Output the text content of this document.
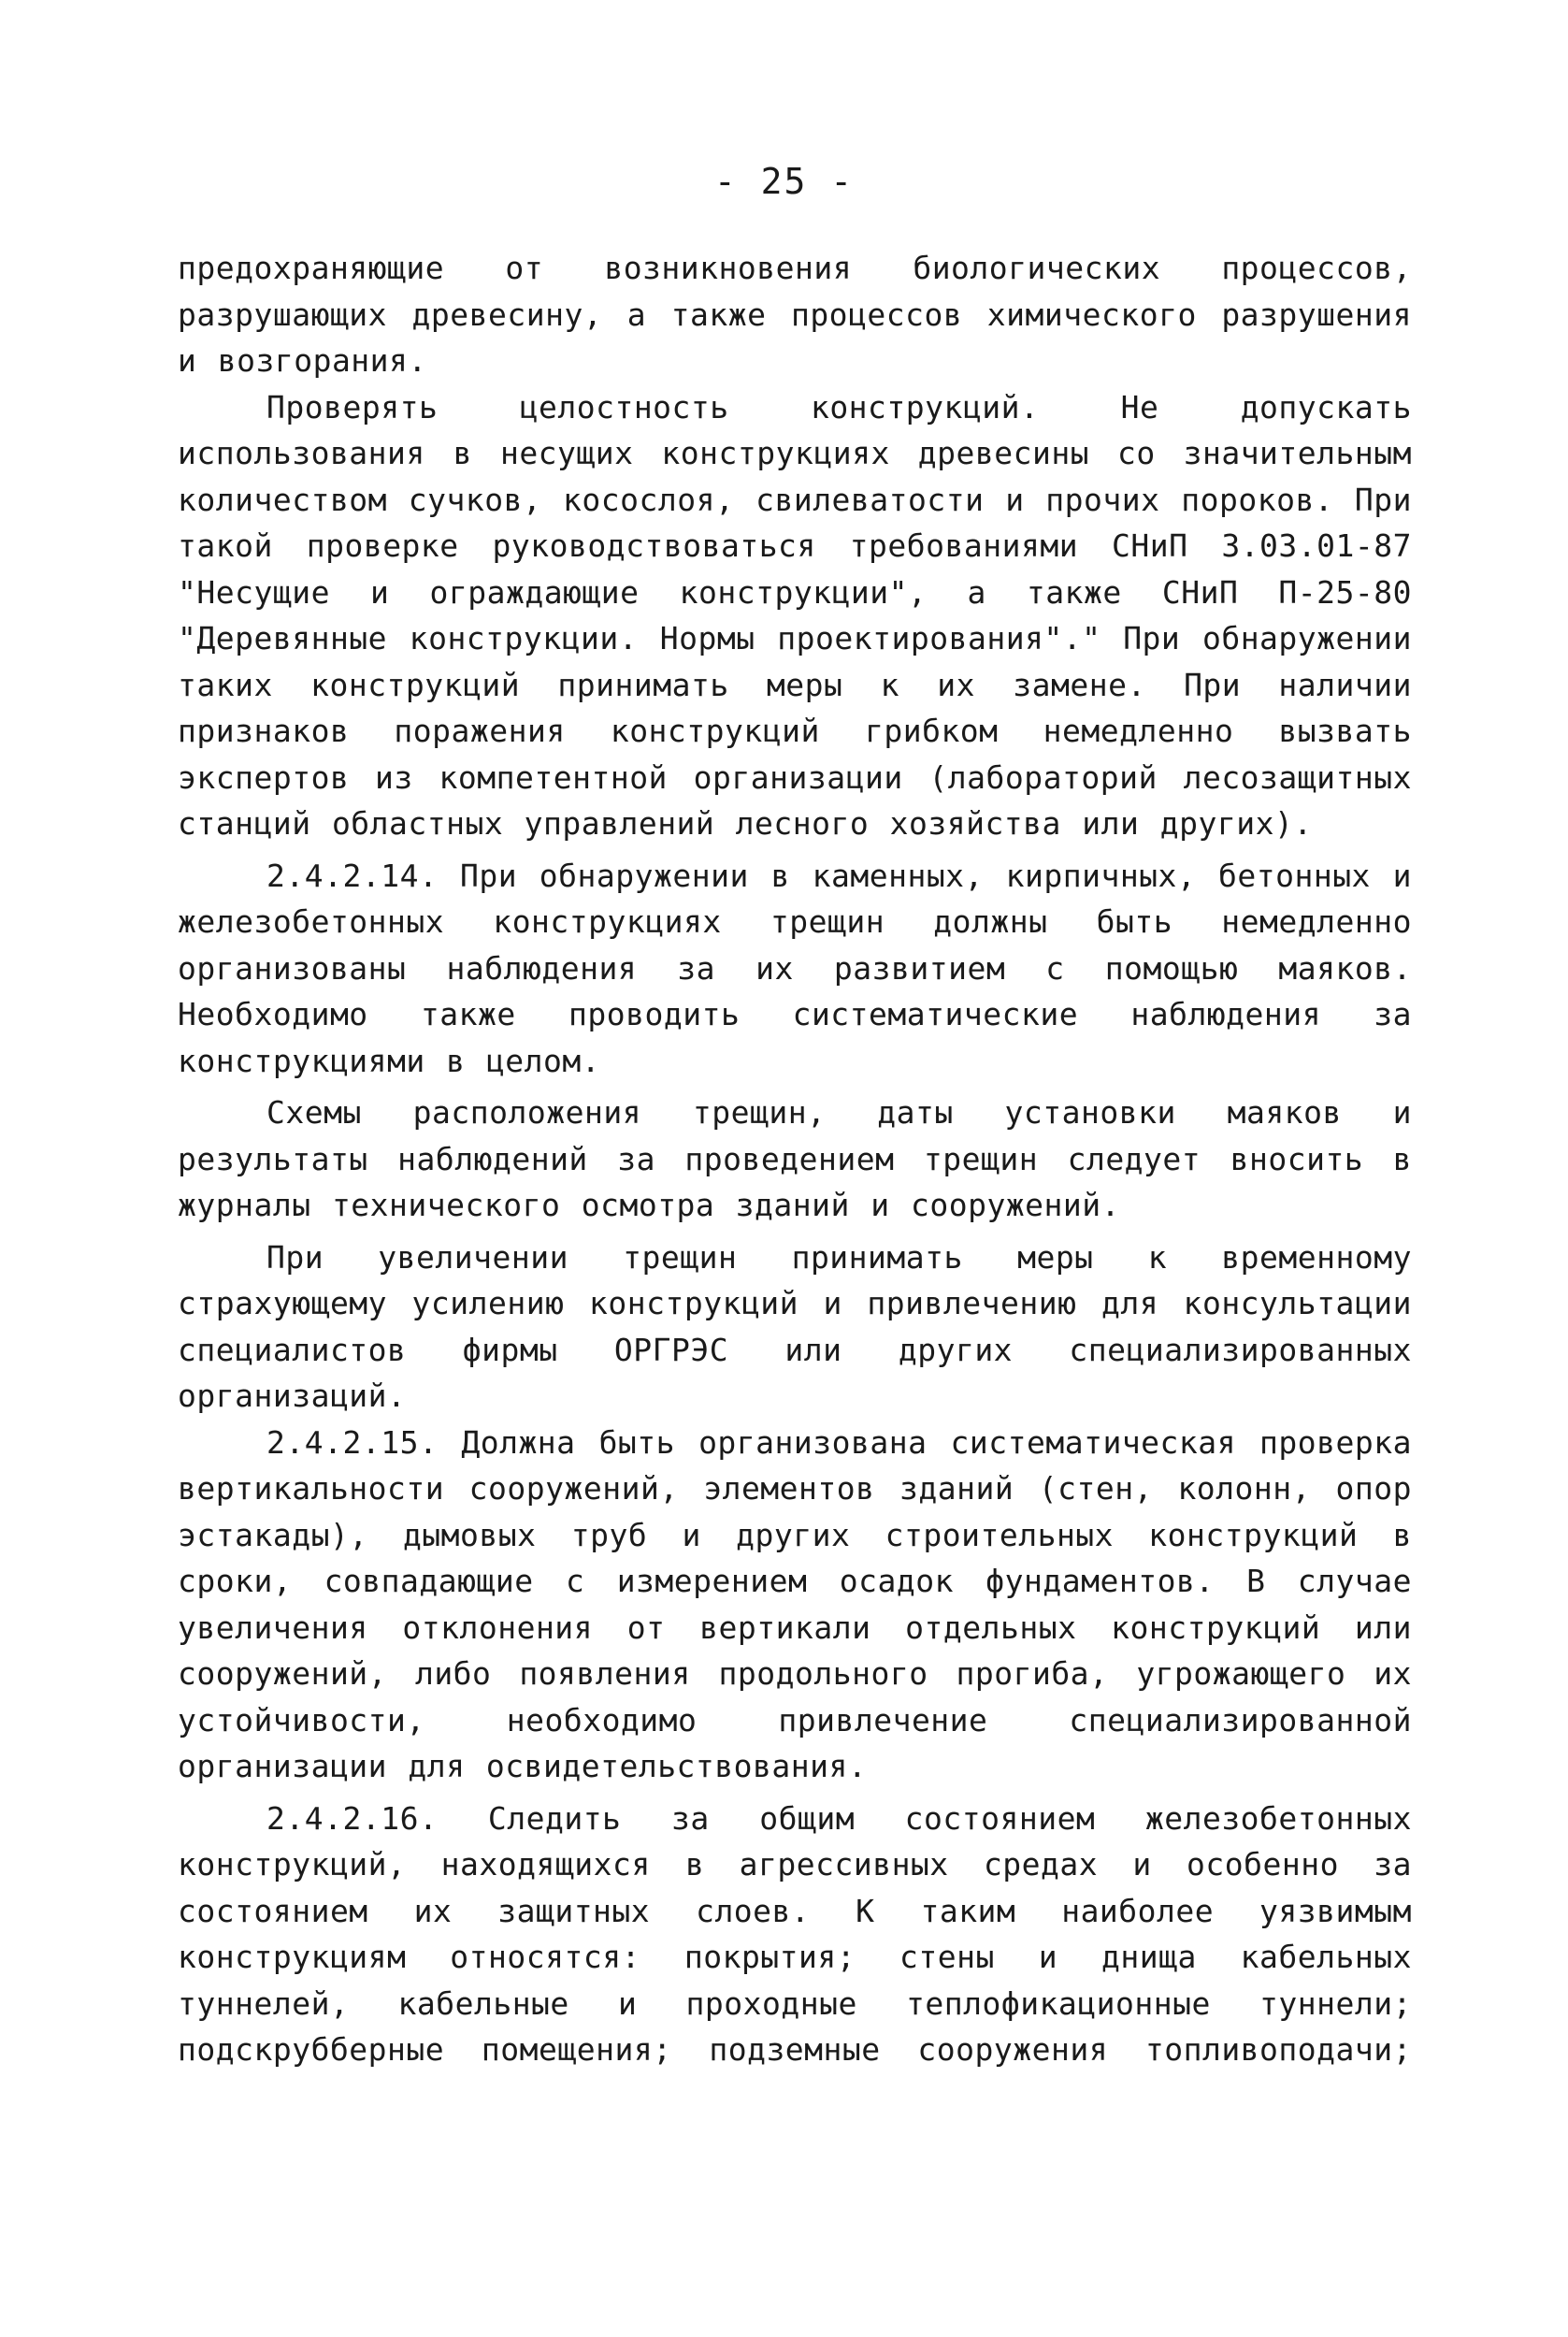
- 25 -

предохраняющие от возникновения биологических процессов, разрушающих древесину, а также процессов химического разрушения и возгорания.

Проверять целостность конструкций. Не допускать использования в несущих конструкциях древесины со значительным количеством сучков, косослоя, свилеватости и прочих пороков. При такой проверке руководствоваться требованиями СНиП 3.03.01-87 "Несущие и ограждающие конструкции", а также СНиП П-25-80 "Деревянные конструкции. Нормы проектирования"." При обнаружении таких конструкций принимать меры к их замене. При наличии признаков поражения конструкций грибком немедленно вызвать экспертов из компетентной организации (лабораторий лесозащитных станций областных управлений лесного хозяйства или других).

2.4.2.14. При обнаружении в каменных, кирпичных, бетонных и железобетонных конструкциях трещин должны быть немедленно организованы наблюдения за их развитием с помощью маяков. Необходимо также проводить систематические наблюдения за конструкциями в целом.

Схемы расположения трещин, даты установки маяков и результаты наблюдений за проведением трещин следует вносить в журналы технического осмотра зданий и сооружений.

При увеличении трещин принимать меры к временному страхующему усилению конструкций и привлечению для консультации специалистов фирмы ОРГРЭС или других специализированных организаций.

2.4.2.15. Должна быть организована систематическая проверка вертикальности сооружений, элементов зданий (стен, колонн, опор эстакады), дымовых труб и других строительных конструкций в сроки, совпадающие с измерением осадок фундаментов. В случае увеличения отклонения от вертикали отдельных конструкций или сооружений, либо появления продольного прогиба, угрожающего их устойчивости, необходимо привлечение специализированной организации для освидетельствования.

2.4.2.16. Следить за общим состоянием железобетонных конструкций, находящихся в агрессивных средах и особенно за состоянием их защитных слоев. К таким наиболее уязвимым конструкциям относятся: покрытия; стены и днища кабельных туннелей, кабельные и проходные теплофикационные туннели; подскрубберные помещения; подземные сооружения топливоподачи;
